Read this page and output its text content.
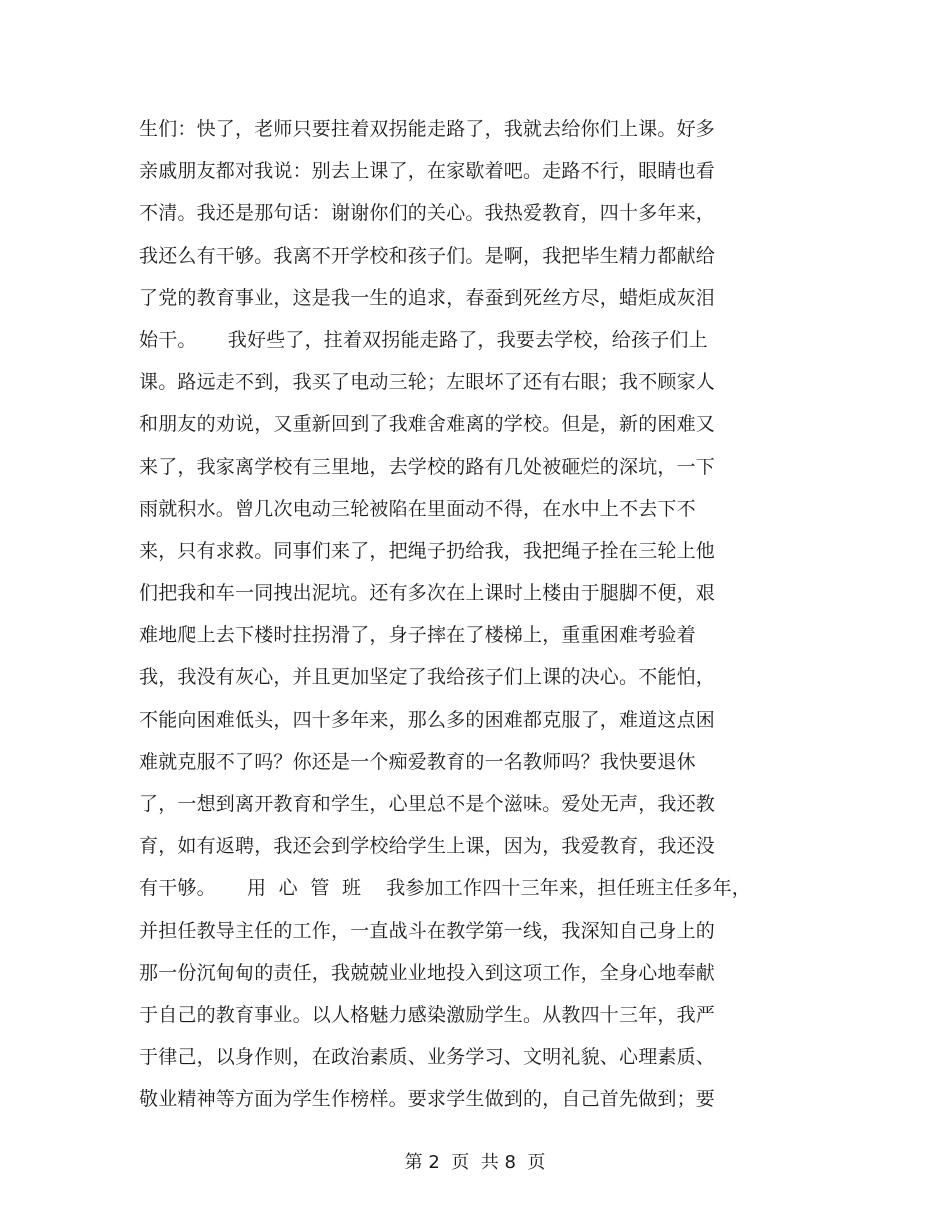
生们：快了，老师只要拄着双拐能走路了，我就去给你们上课。好多
亲戚朋友都对我说：别去上课了，在家歇着吧。走路不行，眼睛也看
不清。我还是那句话：谢谢你们的关心。我热爱教育，四十多年来，
我还么有干够。我离不开学校和孩子们。是啊，我把毕生精力都献给
了党的教育事业，这是我一生的追求，春蚕到死丝方尽，蜡炬成灰泪
始干。     我好些了，拄着双拐能走路了，我要去学校，给孩子们上
课。路远走不到，我买了电动三轮；左眼坏了还有右眼；我不顾家人
和朋友的劝说，又重新回到了我难舍难离的学校。但是，新的困难又
来了，我家离学校有三里地，去学校的路有几处被砸烂的深坑，一下
雨就积水。曾几次电动三轮被陷在里面动不得，在水中上不去下不
来，只有求救。同事们来了，把绳子扔给我，我把绳子拴在三轮上他
们把我和车一同拽出泥坑。还有多次在上课时上楼由于腿脚不便，艰
难地爬上去下楼时拄拐滑了，身子摔在了楼梯上，重重困难考验着
我，我没有灰心，并且更加坚定了我给孩子们上课的决心。不能怕，
不能向困难低头，四十多年来，那么多的困难都克服了，难道这点困
难就克服不了吗？你还是一个痴爱教育的一名教师吗？我快要退休
了，一想到离开教育和学生，心里总不是个滋味。爱处无声，我还教
育，如有返聘，我还会到学校给学生上课，因为，我爱教育，我还没
有干够。     用  心  管  班    我参加工作四十三年来，担任班主任多年，
并担任教导主任的工作，一直战斗在教学第一线，我深知自己身上的
那一份沉甸甸的责任，我兢兢业业地投入到这项工作，全身心地奉献
于自己的教育事业。以人格魅力感染激励学生。从教四十三年，我严
于律己，以身作则，在政治素质、业务学习、文明礼貌、心理素质、
敬业精神等方面为学生作榜样。要求学生做到的，自己首先做到；要
第 2  页  共 8  页
